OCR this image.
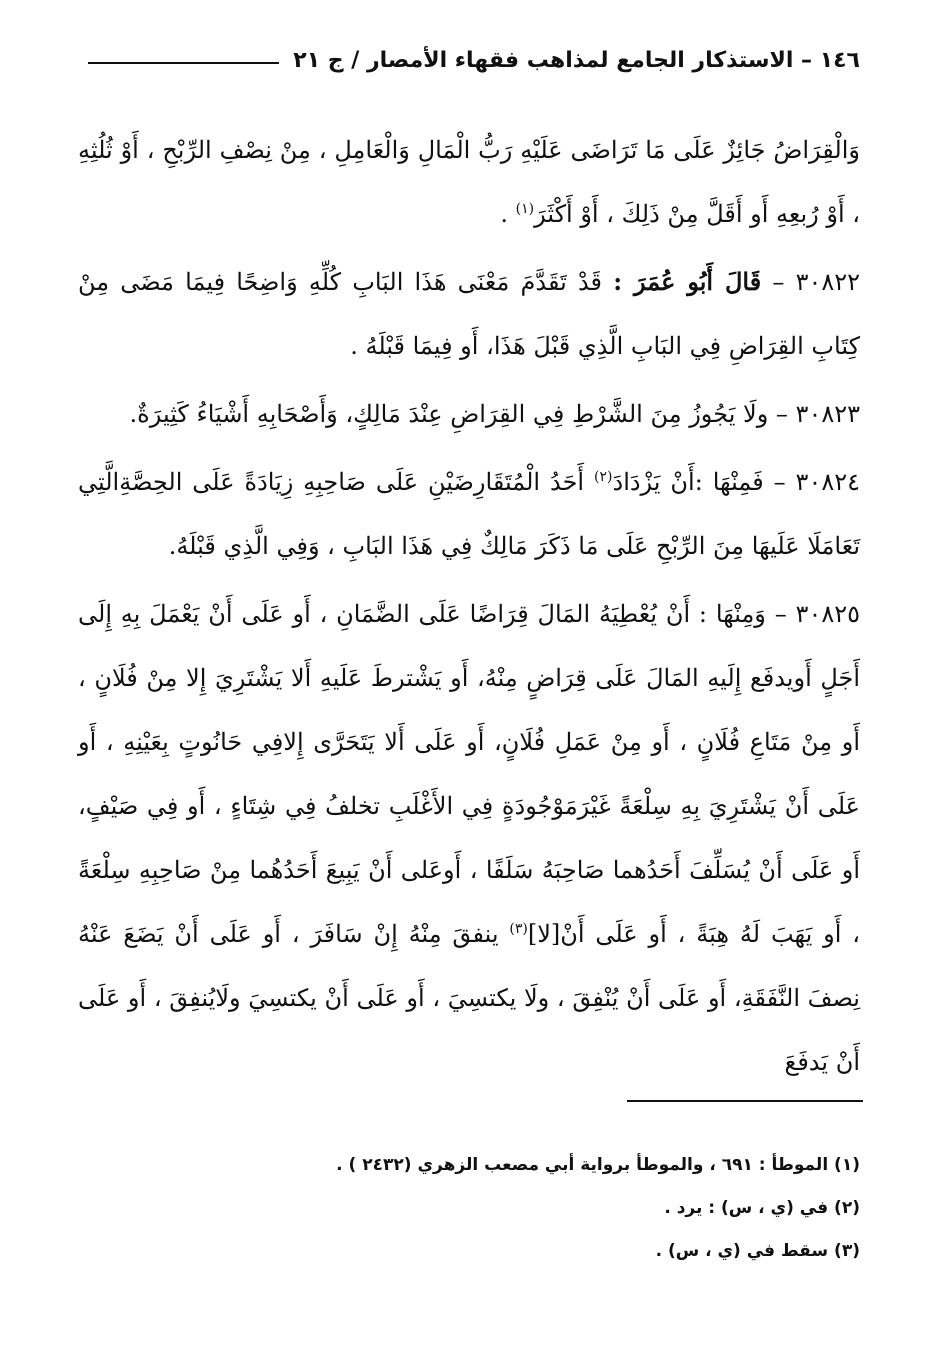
١٤٦ – الاستذكار الجامع لمذاهب فقهاء الأمصار / ج ٢١

وَالْقِرَاضُ جَائِزٌ عَلَى مَا تَرَاضَى عَلَيْهِ رَبُّ الْمَالِ وَالْعَامِلِ ، مِنْ نِصْفِ الرِّبْحِ ، أَوْ ثُلُثِهِ ، أَوْ رُبعِهِ أَو أَقَلَّ مِنْ ذَلِكَ ، أَوْ أَكْثَرَ$^{(١)}$ .

٣٠٨٢٢ – قَالَ أَبُو عُمَرَ : قَدْ تَقَدَّمَ مَعْنَى هَذَا البَابِ كُلِّهِ وَاضِحًا فِيمَا مَضَى مِنْ كِتَابِ القِرَاضِ فِي البَابِ الَّذِي قَبْلَ هَذَا، أَو فِيمَا قَبْلَهُ .

٣٠٨٢٣ – ولَا يَجُوزُ مِنَ الشَّرْطِ فِي القِرَاضِ عِنْدَ مَالِكٍ، وَأَصْحَابِهِ أَشْيَاءُ كَثِيرَةٌ.

٣٠٨٢٤ – فَمِنْهَا :أَنْ يَزْدَادَ$^{(٢)}$ أَحَدُ الْمُتَقَارِضَيْنِ عَلَى صَاحِبِهِ زِيَادَةً عَلَى الحِصَّةِالَّتِي تَعَامَلَا عَلَيهَا مِنَ الرِّبْحِ عَلَى مَا ذَكَرَ مَالِكٌ فِي هَذَا البَابِ ، وَفِي الَّذِي قَبْلَهُ.

٣٠٨٢٥ – وَمِنْهَا : أَنْ يُعْطِيَهُ المَالَ قِرَاضًا عَلَى الضَّمَانِ ، أَو عَلَى أَنْ يَعْمَلَ بِهِ إِلَى أَجَلٍ أَويدفَع إِلَيهِ المَالَ عَلَى قِرَاضٍ مِنْهُ، أَو يَشْترطَ عَلَيهِ أَلا يَشْتَرِيَ إِلا مِنْ فُلَانٍ ، أَو مِنْ مَتَاعِ فُلَانٍ ، أَو مِنْ عَمَلِ فُلَانٍ، أَو عَلَى أَلا يَتَحَرَّى إِلافِي حَانُوتٍ بِعَيْنِهِ ، أَو عَلَى أَنْ يَشْتَرِيَ بِهِ سِلْعَةً غَيْرَمَوْجُودَةٍ فِي الأَغْلَبِ تخلفُ فِي شِتَاءٍ ، أَو فِي صَيْفٍ، أَو عَلَى أَنْ يُسَلِّفَ أَحَدُهما صَاحِبَهُ سَلَفًا ، أَوعَلى أَنْ يَبِيعَ أَحَدُهُما مِنْ صَاحِبِهِ سِلْعَةً ، أَو يَهَبَ لَهُ هِبَةً ، أَو عَلَى أَنْ[لا]$^{(٣)}$ ينفقَ مِنْهُ إِنْ سَافَرَ ، أَو عَلَى أَنْ يَضَعَ عَنْهُ نِصفَ النَّفَقَةِ، أَو عَلَى أَنْ يُنْفِقَ ، ولَا يكتسِيَ ، أَو عَلَى أَنْ يكتسِيَ ولَايُنفِقَ ، أَو عَلَى أَنْ يَدفَعَ

(١) الموطأ : ٦٩١ ، والموطأ برواية أبي مصعب الزهري (٢٤٣٢ ) .
(٢) في (ي ، س) : يرد .
(٣) سقط في (ي ، س) .
